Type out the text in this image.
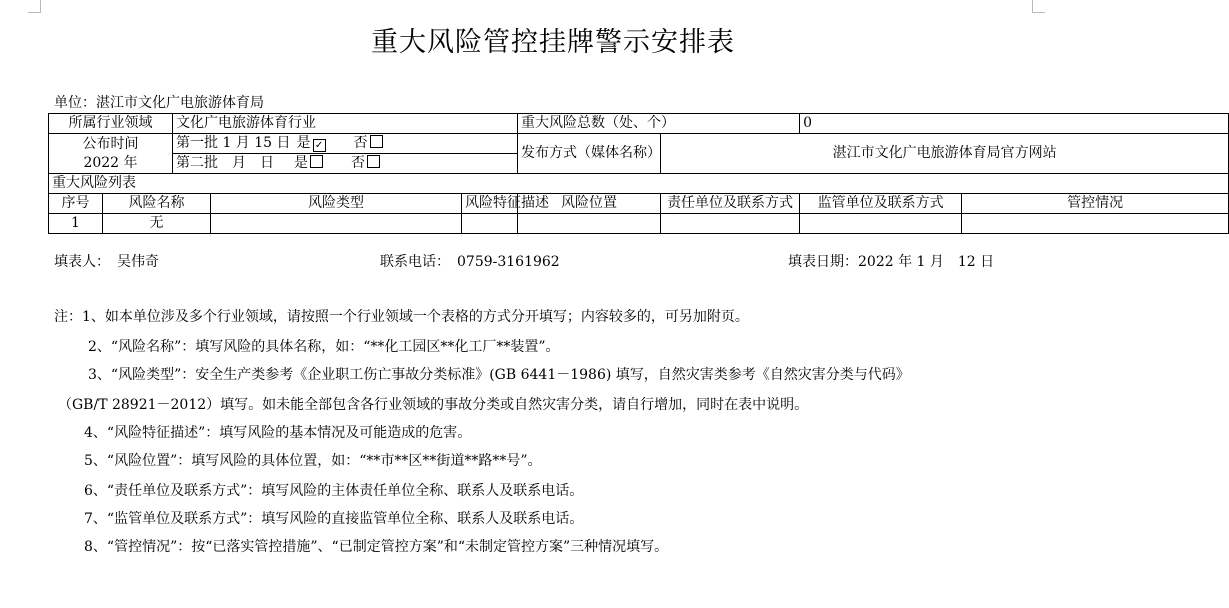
重大风险管控挂牌警示安排表
单位：湛江市文化广电旅游体育局
所属行业领域		文化广电旅游体育行业			重大风险总数（处、个）		0	
公布时间
2022 年		第一批 1 月 15 日 是 ✓ 否			发布方式（媒体名称）	湛江市文化广电旅游体育局官方网站		
		第二批　月　日 是 否						
重大风险列表								
序号	风险名称		风险类型	风险特征描述	风险位置	责任单位及联系方式	监管单位及联系方式	管控情况
1	无							
填表人：　吴伟奇	联系电话：　0759-3161962	填表日期：2022 年 1 月　12 日
注：1、如本单位涉及多个行业领域，请按照一个行业领域一个表格的方式分开填写；内容较多的，可另加附页。
2、“风险名称”：填写风险的具体名称，如：“**化工园区**化工厂**装置”。
3、“风险类型”：安全生产类参考《企业职工伤亡事故分类标准》(GB 6441－1986) 填写，自然灾害类参考《自然灾害分类与代码》
（GB/T 28921－2012）填写。如未能全部包含各行业领域的事故分类或自然灾害分类，请自行增加，同时在表中说明。
4、“风险特征描述”：填写风险的基本情况及可能造成的危害。
5、“风险位置”：填写风险的具体位置，如：“**市**区**街道**路**号”。
6、“责任单位及联系方式”：填写风险的主体责任单位全称、联系人及联系电话。
7、“监管单位及联系方式”：填写风险的直接监管单位全称、联系人及联系电话。
8、“管控情况”：按“已落实管控措施”、“已制定管控方案”和“未制定管控方案”三种情况填写。
